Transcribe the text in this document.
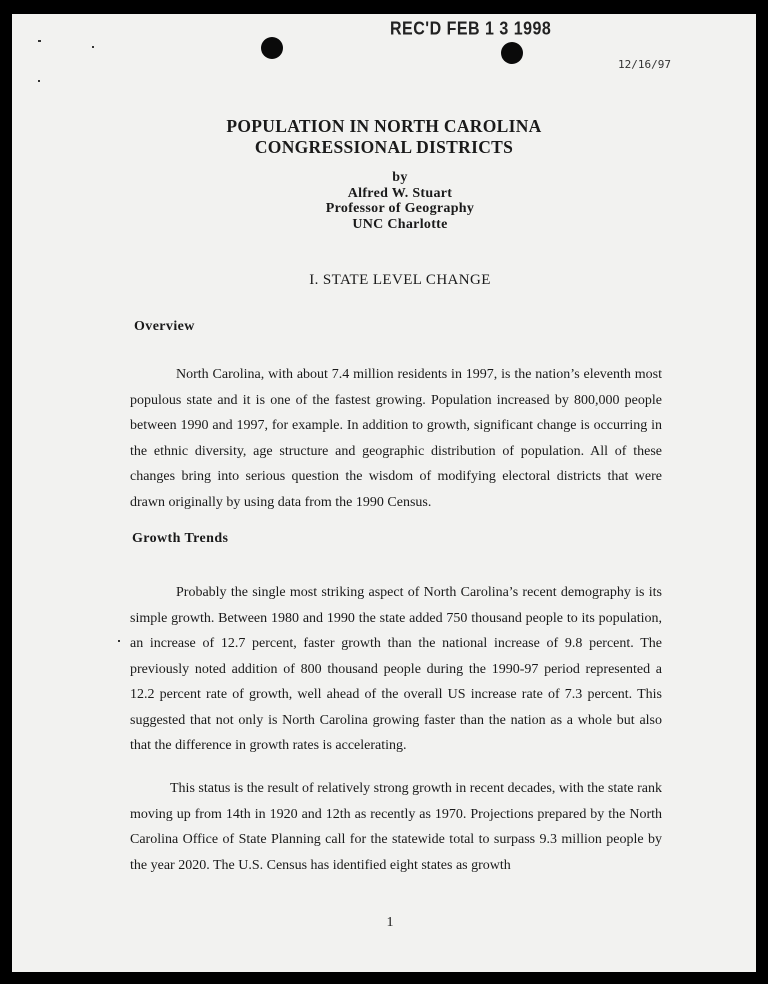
REC'D FEB 1 3 1998
12/16/97
POPULATION IN NORTH CAROLINA
CONGRESSIONAL DISTRICTS
by
Alfred W. Stuart
Professor of Geography
UNC Charlotte
I. STATE LEVEL CHANGE
Overview

North Carolina, with about 7.4 million residents in 1997, is the nation’s eleventh most populous state and it is one of the fastest growing. Population increased by 800,000 people between 1990 and 1997, for example. In addition to growth, significant change is occurring in the ethnic diversity, age structure and geographic distribution of population. All of these changes bring into serious question the wisdom of modifying electoral districts that were drawn originally by using data from the 1990 Census.

Growth Trends

Probably the single most striking aspect of North Carolina’s recent demography is its simple growth. Between 1980 and 1990 the state added 750 thousand people to its population, an increase of 12.7 percent, faster growth than the national increase of 9.8 percent. The previously noted addition of 800 thousand people during the 1990-97 period represented a 12.2 percent rate of growth, well ahead of the overall US increase rate of 7.3 percent. This suggested that not only is North Carolina growing faster than the nation as a whole but also that the difference in growth rates is accelerating.

This status is the result of relatively strong growth in recent decades, with the state rank moving up from 14th in 1920 and 12th as recently as 1970. Projections prepared by the North Carolina Office of State Planning call for the statewide total to surpass 9.3 million people by the year 2020. The U.S. Census has identified eight states as growth

1
